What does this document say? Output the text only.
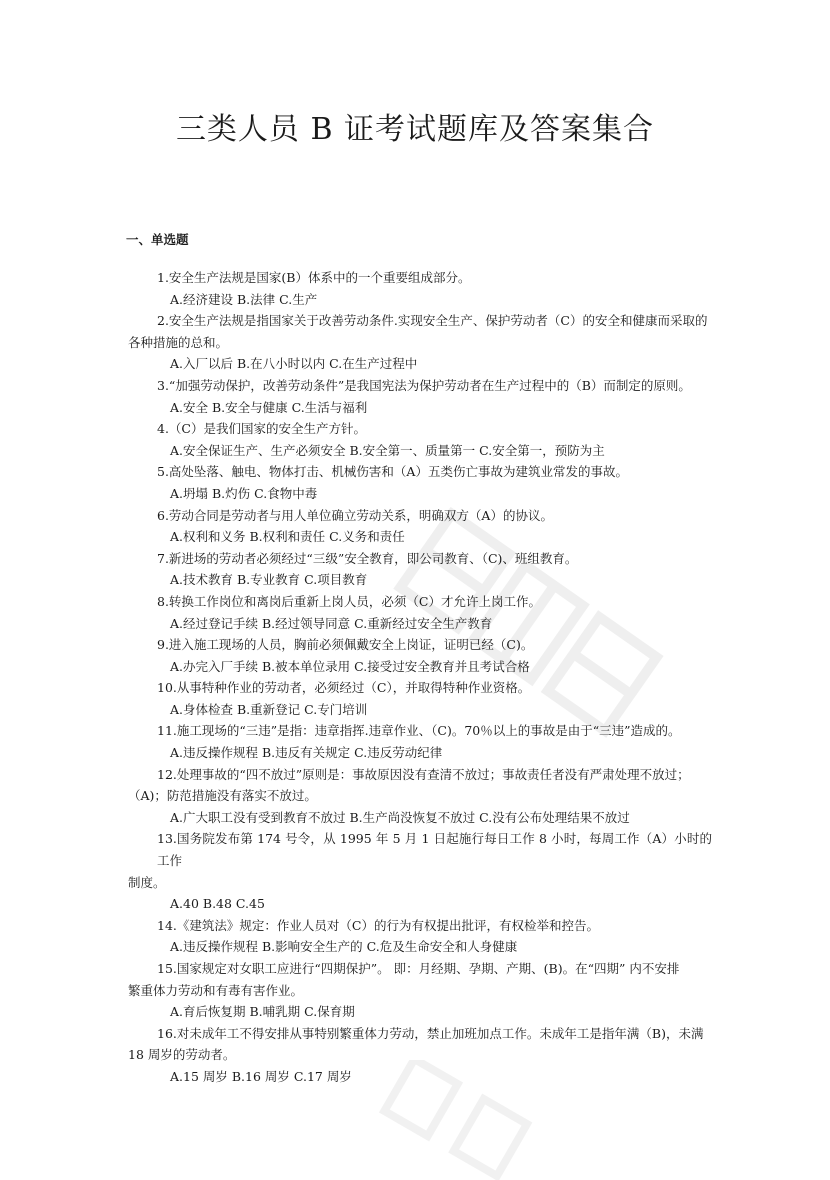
三类人员 B 证考试题库及答案集合
一、单选题

1.安全生产法规是国家(B）体系中的一个重要组成部分。

A.经济建设 B.法律 C.生产

2.安全生产法规是指国家关于改善劳动条件.实现安全生产、保护劳动者（C）的安全和健康而采取的
各种措施的总和。

A.入厂以后 B.在八小时以内 C.在生产过程中

3.“加强劳动保护，改善劳动条件”是我国宪法为保护劳动者在生产过程中的（B）而制定的原则。

A.安全 B.安全与健康 C.生活与福利

4.（C）是我们国家的安全生产方针。

A.安全保证生产、生产必须安全 B.安全第一、质量第一 C.安全第一，预防为主

5.高处坠落、触电、物体打击、机械伤害和（A）五类伤亡事故为建筑业常发的事故。

A.坍塌 B.灼伤 C.食物中毒

6.劳动合同是劳动者与用人单位确立劳动关系，明确双方（A）的协议。

A.权利和义务 B.权利和责任 C.义务和责任

7.新进场的劳动者必须经过“三级”安全教育，即公司教育、（C)、班组教育。

A.技术教育 B.专业教育 C.项目教育

8.转换工作岗位和离岗后重新上岗人员，必须（C）才允许上岗工作。

A.经过登记手续 B.经过领导同意 C.重新经过安全生产教育

9.进入施工现场的人员，胸前必须佩戴安全上岗证，证明已经（C)。

A.办完入厂手续 B.被本单位录用 C.接受过安全教育并且考试合格

10.从事特种作业的劳动者，必须经过（C），并取得特种作业资格。

A.身体检查 B.重新登记 C.专门培训

11.施工现场的“三违”是指：违章指挥.违章作业、（C)。70％以上的事故是由于“三违”造成的。

A.违反操作规程 B.违反有关规定 C.违反劳动纪律

12.处理事故的“四不放过”原则是：事故原因没有查清不放过；事故责任者没有严肃处理不放过；
（A)；防范措施没有落实不放过。

A.广大职工没有受到教育不放过 B.生产尚没恢复不放过 C.没有公布处理结果不放过

13.国务院发布第 174 号令，从 1995 年 5 月 1 日起施行每日工作 8 小时，每周工作（A）小时的工作
制度。

A.40 B.48 C.45

14.《建筑法》规定：作业人员对（C）的行为有权提出批评，有权检举和控告。

A.违反操作规程 B.影响安全生产的 C.危及生命安全和人身健康

15.国家规定对女职工应进行“四期保护”。 即：月经期、孕期、产期、(B)。在“四期” 内不安排
繁重体力劳动和有毒有害作业。

A.育后恢复期 B.哺乳期 C.保育期

16.对未成年工不得安排从事特别繁重体力劳动，禁止加班加点工作。未成年工是指年满（B)，未满
18 周岁的劳动者。

A.15 周岁 B.16 周岁 C.17 周岁
